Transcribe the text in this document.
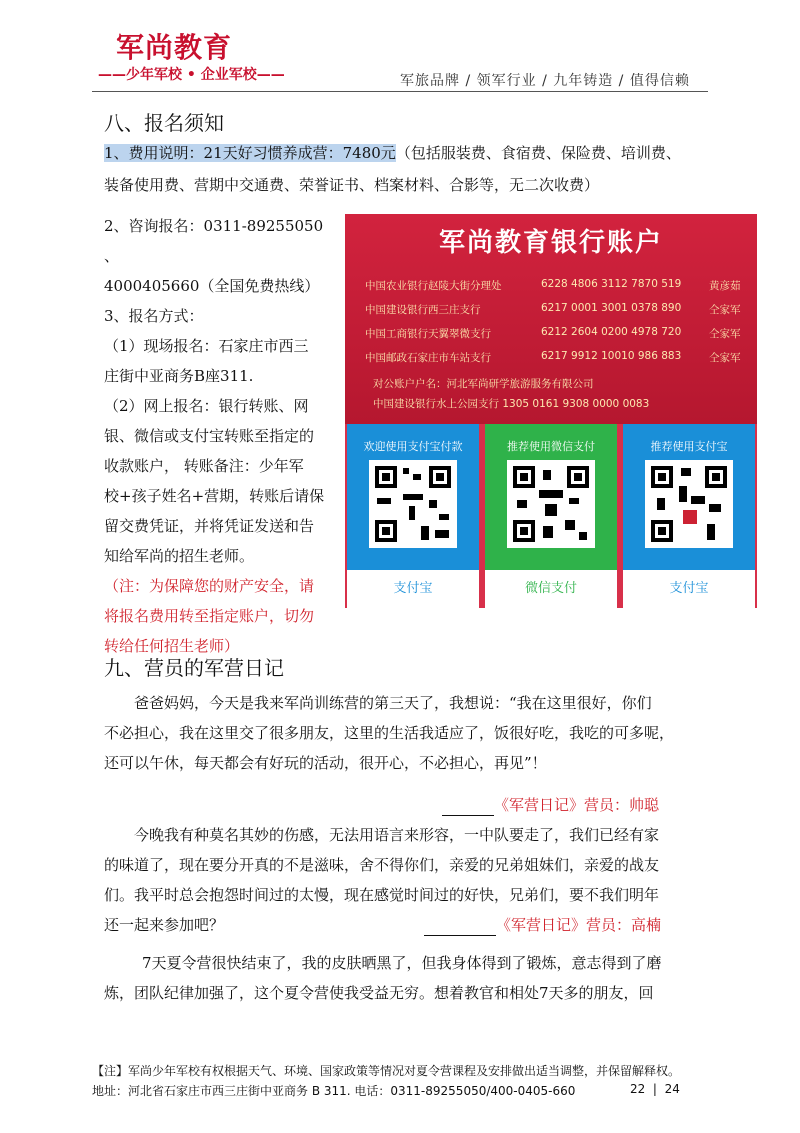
军尚教育
——少年军校 • 企业军校——	军旅品牌 / 领军行业 / 九年铸造 / 值得信赖
八、报名须知
1、费用说明：21天好习惯养成营：7480元（包括服装费、食宿费、保险费、培训费、
装备使用费、营期中交通费、荣誉证书、档案材料、合影等，无二次收费）
2、咨询报名：0311-89255050 、
4000405660（全国免费热线）
3、报名方式：
（1）现场报名：石家庄市西三
庄街中亚商务B座311.
（2）网上报名：银行转账、网
银、微信或支付宝转账至指定的
收款账户， 转账备注：少年军
校+孩子姓名+营期，转账后请保
留交费凭证，并将凭证发送和告
知给军尚的招生老师。
（注：为保障您的财产安全，请
将报名费用转至指定账户，切勿
转给任何招生老师）
军尚教育银行账户
中国农业银行赵陵大街分理处	6228 4806 3112 7870 519	黄彦茹
中国建设银行西三庄支行	6217 0001 3001 0378 890	仝家军
中国工商银行天翼翠微支行	6212 2604 0200 4978 720	仝家军
中国邮政石家庄市车站支行	6217 9912 10010 986 883	仝家军
对公账户户名：河北军尚研学旅游服务有限公司
中国建设银行水上公园支行 1305 0161 9308 0000 0083
欢迎使用支付宝付款
支付宝
推荐使用微信支付
微信支付
推荐使用支付宝
支付宝
九、营员的军营日记
爸爸妈妈，今天是我来军尚训练营的第三天了，我想说：“我在这里很好，你们
不必担心，我在这里交了很多朋友，这里的生活我适应了，饭很好吃，我吃的可多呢，
还可以午休，每天都会有好玩的活动，很开心，不必担心，再见”！
《军营日记》营员：帅聪
今晚我有种莫名其妙的伤感，无法用语言来形容，一中队要走了，我们已经有家
的味道了，现在要分开真的不是滋味，舍不得你们，亲爱的兄弟姐妹们，亲爱的战友
们。我平时总会抱怨时间过的太慢，现在感觉时间过的好快，兄弟们，要不我们明年
还一起来参加吧？	《军营日记》营员：高楠
7天夏令营很快结束了，我的皮肤晒黑了，但我身体得到了锻炼，意志得到了磨
炼，团队纪律加强了，这个夏令营使我受益无穷。想着教官和相处7天多的朋友，回
【注】军尚少年军校有权根据天气、环境、国家政策等情况对夏令营课程及安排做出适当调整，并保留解释权。
地址：河北省石家庄市西三庄街中亚商务 B 311. 电话：0311-89255050/400-0405-660	22  |  24
